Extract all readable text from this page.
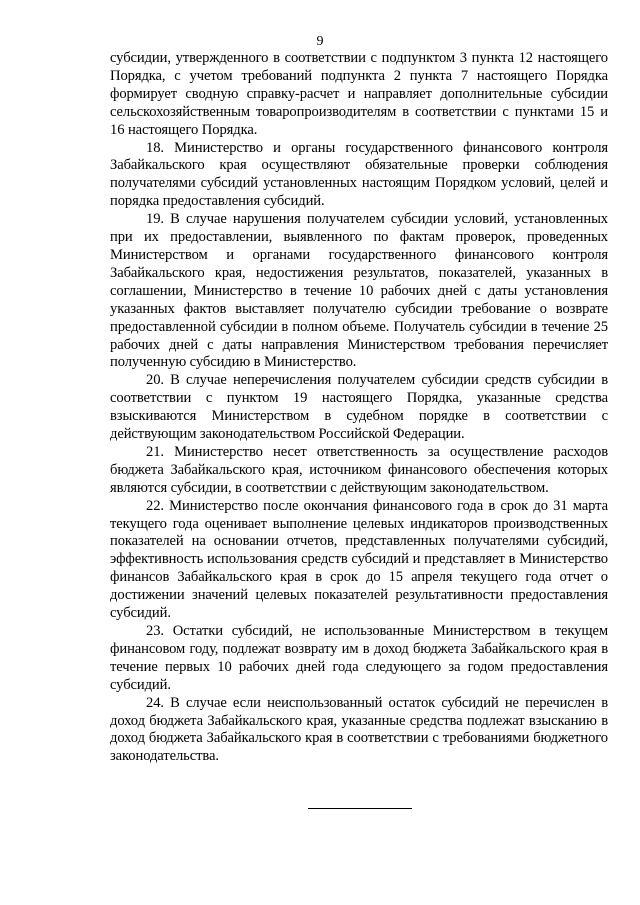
9

субсидии, утвержденного в соответствии с подпунктом 3 пункта 12 настоящего Порядка, с учетом требований подпункта 2 пункта 7 настоящего Порядка формирует сводную справку-расчет и направляет дополнительные субсидии сельскохозяйственным товаропроизводителям в соответствии с пунктами 15 и 16 настоящего Порядка.

18. Министерство и органы государственного финансового контроля Забайкальского края осуществляют обязательные проверки соблюдения получателями субсидий установленных настоящим Порядком условий, целей и порядка предоставления субсидий.

19. В случае нарушения получателем субсидии условий, установленных при их предоставлении, выявленного по фактам проверок, проведенных Министерством и органами государственного финансового контроля Забайкальского края, недостижения результатов, показателей, указанных в соглашении, Министерство в течение 10 рабочих дней с даты установления указанных фактов выставляет получателю субсидии требование о возврате предоставленной субсидии в полном объеме. Получатель субсидии в течение 25 рабочих дней с даты направления Министерством требования перечисляет полученную субсидию в Министерство.

20. В случае неперечисления получателем субсидии средств субсидии в соответствии с пунктом 19 настоящего Порядка, указанные средства взыскиваются Министерством в судебном порядке в соответствии с действующим законодательством Российской Федерации.

21. Министерство несет ответственность за осуществление расходов бюджета Забайкальского края, источником финансового обеспечения которых являются субсидии, в соответствии с действующим законодательством.

22. Министерство после окончания финансового года в срок до 31 марта текущего года оценивает выполнение целевых индикаторов производственных показателей на основании отчетов, представленных получателями субсидий, эффективность использования средств субсидий и представляет в Министерство финансов Забайкальского края в срок до 15 апреля текущего года отчет о достижении значений целевых показателей результативности предоставления субсидий.

23. Остатки субсидий, не использованные Министерством в текущем финансовом году, подлежат возврату им в доход бюджета Забайкальского края в течение первых 10 рабочих дней года следующего за годом предоставления субсидий.

24. В случае если неиспользованный остаток субсидий не перечислен в доход бюджета Забайкальского края, указанные средства подлежат взысканию в доход бюджета Забайкальского края в соответствии с требованиями бюджетного законодательства.
